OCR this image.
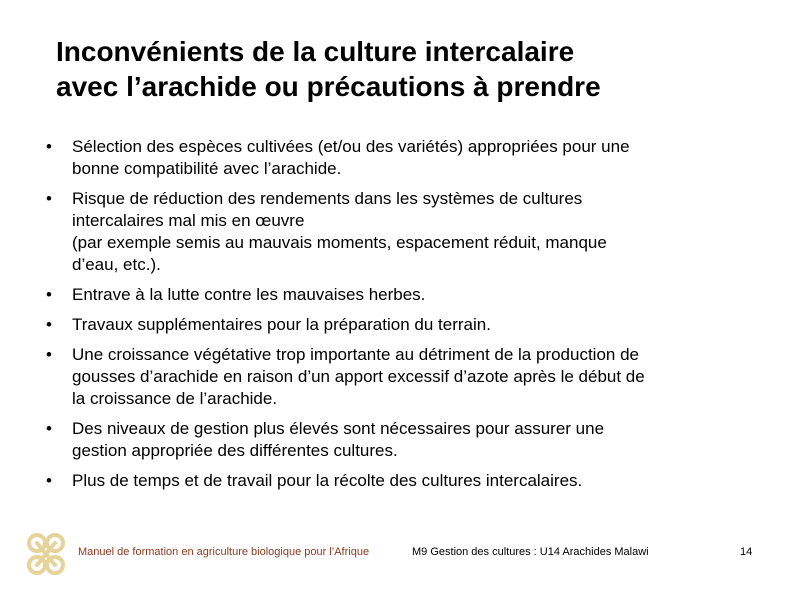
Inconvénients de la culture intercalaire
avec l’arachide ou précautions à prendre
•	Sélection des espèces cultivées (et/ou des variétés) appropriées pour une
bonne compatibilité avec l’arachide.
•	Risque de réduction des rendements dans les systèmes de cultures
intercalaires mal mis en œuvre
(par exemple semis au mauvais moments, espacement réduit, manque
d’eau, etc.).
•	Entrave à la lutte contre les mauvaises herbes.
•	Travaux supplémentaires pour la préparation du terrain.
•	Une croissance végétative trop importante au détriment de la production de
gousses d’arachide en raison d’un apport excessif d’azote après le début de
la croissance de l’arachide.
•	Des niveaux de gestion plus élevés sont nécessaires pour assurer une
gestion appropriée des différentes cultures.
•	Plus de temps et de travail pour la récolte des cultures intercalaires.
Manuel de formation en agriculture biologique pour l’Afrique	M9 Gestion des cultures : U14 Arachides Malawi	14
